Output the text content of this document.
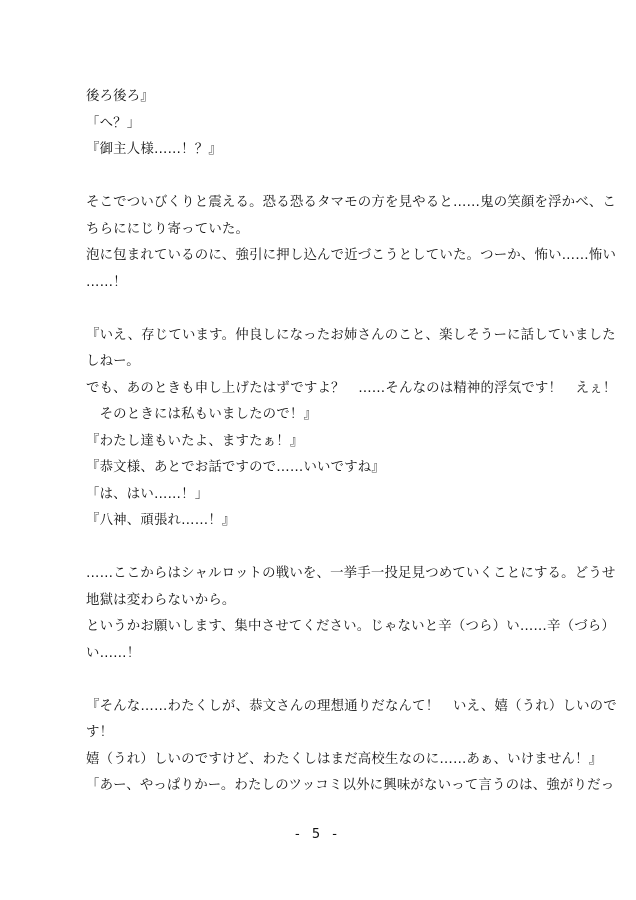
後ろ後ろ』
「へ？」
『御主人様……！？』
そこでついびくりと震える。恐る恐るタマモの方を見やると……鬼の笑顔を浮かべ、こ
ちらににじり寄っていた。
泡に包まれているのに、強引に押し込んで近づこうとしていた。つーか、怖い……怖い
……！
『いえ、存じています。仲良しになったお姉さんのこと、楽しそうーに話していました
しねー。
でも、あのときも申し上げたはずですよ？　……そんなのは精神的浮気です！　えぇ！
　そのときには私もいましたので！』
『わたし達もいたよ、ますたぁ！』
『恭文様、あとでお話ですので……いいですね』
「は、はい……！」
『八神、頑張れ……！』
……ここからはシャルロットの戦いを、一挙手一投足見つめていくことにする。どうせ
地獄は変わらないから。
というかお願いします、集中させてください。じゃないと辛（つら）い……辛（づら）
い……！
『そんな……わたくしが、恭文さんの理想通りだなんて！　いえ、嬉（うれ）しいので
す！
嬉（うれ）しいのですけど、わたくしはまだ高校生なのに……あぁ、いけません！』
「あー、やっぱりかー。わたしのツッコミ以外に興味がないって言うのは、強がりだっ
- 5 -
